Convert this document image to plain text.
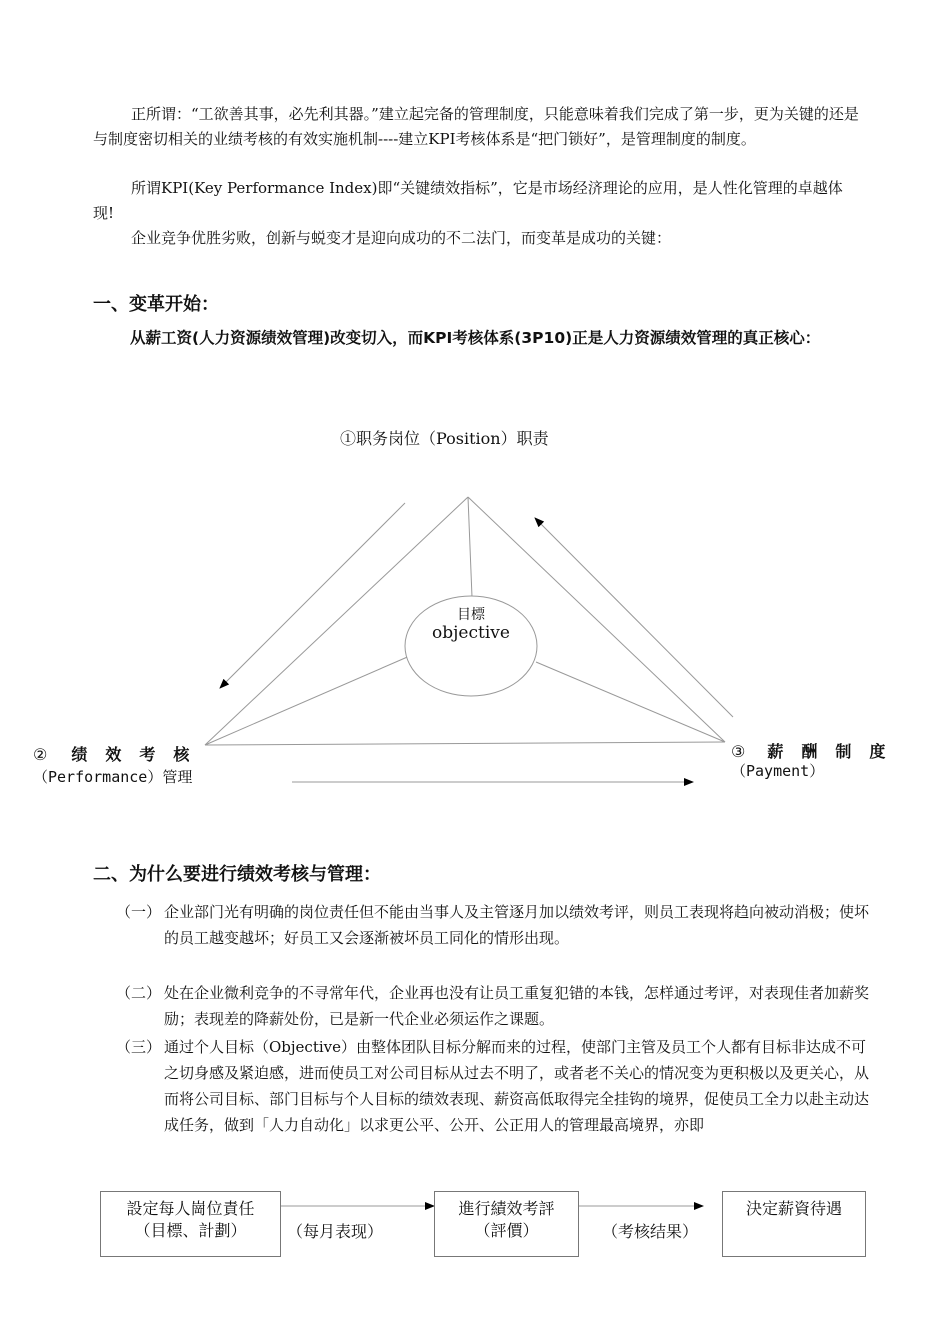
正所谓：“工欲善其事，必先利其器。”建立起完备的管理制度，只能意味着我们完成了第一步，更为关键的还是与制度密切相关的业绩考核的有效实施机制----建立KPI考核体系是“把门锁好”，是管理制度的制度。
所谓KPI(Key Performance Index)即“关键绩效指标”，它是市场经济理论的应用，是人性化管理的卓越体现!
企业竞争优胜劣败，创新与蜕变才是迎向成功的不二法门，而变革是成功的关键：
一、变革开始：
从薪工资(人力资源绩效管理)改变切入，而KPI考核体系(3P10)正是人力资源绩效管理的真正核心：
①职务岗位（Position）职责
目標
objective
② 绩效考核
（Performance）管理
③ 薪酬制度
（Payment）
二、为什么要进行绩效考核与管理：
（一） 企业部门光有明确的岗位责任但不能由当事人及主管逐月加以绩效考评，则员工表现将趋向被动消极；使坏的员工越变越坏；好员工又会逐渐被坏员工同化的情形出现。
（二） 处在企业微利竞争的不寻常年代，企业再也没有让员工重复犯错的本钱，怎样通过考评，对表现佳者加薪奖励；表现差的降薪处份，已是新一代企业必须运作之课题。
（三） 通过个人目标（Objective）由整体团队目标分解而来的过程，使部门主管及员工个人都有目标非达成不可之切身感及紧迫感，进而使员工对公司目标从过去不明了，或者老不关心的情况变为更积极以及更关心，从而将公司目标、部门目标与个人目标的绩效表现、薪资高低取得完全挂钩的境界，促使员工全力以赴主动达成任务，做到「人力自动化」以求更公平、公开、公正用人的管理最高境界，亦即
設定每人崗位責任
（目標、計劃）	（每月表现）
進行績效考評
（評價）	（考核结果）
決定薪資待遇
